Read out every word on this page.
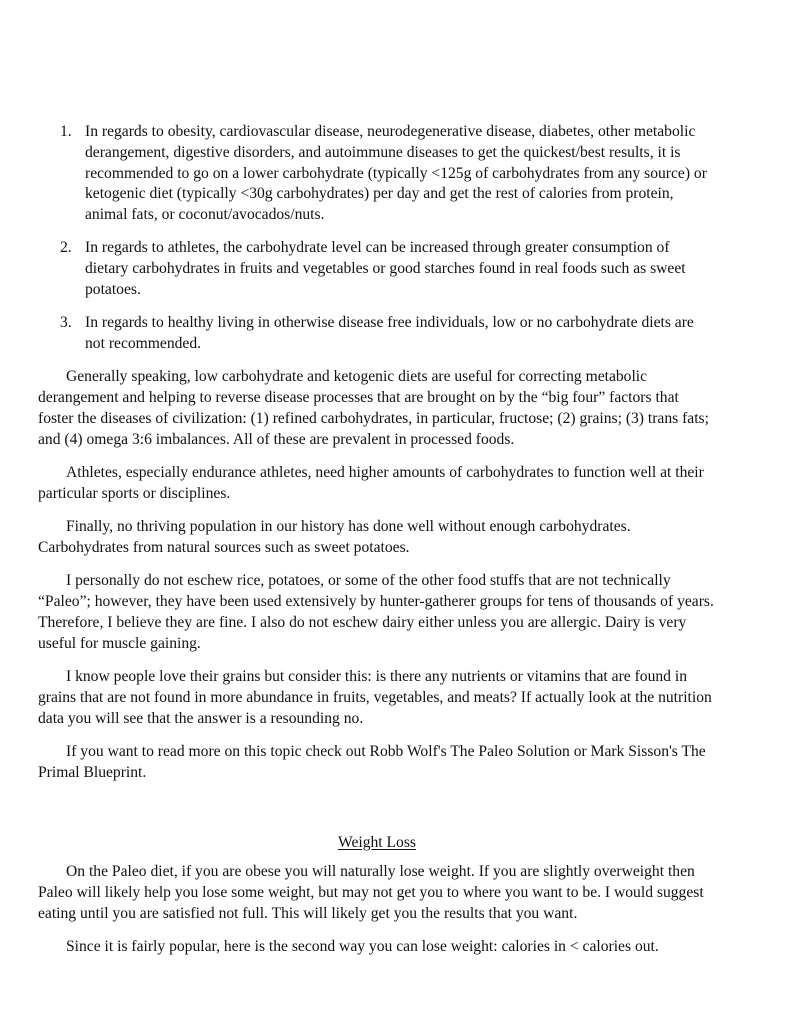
1. In regards to obesity, cardiovascular disease, neurodegenerative disease, diabetes, other metabolic derangement, digestive disorders, and autoimmune diseases to get the quickest/best results, it is recommended to go on a lower carbohydrate (typically <125g of carbohydrates from any source) or ketogenic diet (typically <30g carbohydrates) per day and get the rest of calories from protein, animal fats, or coconut/avocados/nuts.
2. In regards to athletes, the carbohydrate level can be increased through greater consumption of dietary carbohydrates in fruits and vegetables or good starches found in real foods such as sweet potatoes.
3. In regards to healthy living in otherwise disease free individuals, low or no carbohydrate diets are not recommended.

Generally speaking, low carbohydrate and ketogenic diets are useful for correcting metabolic derangement and helping to reverse disease processes that are brought on by the “big four” factors that foster the diseases of civilization: (1) refined carbohydrates, in particular, fructose; (2) grains; (3) trans fats; and (4) omega 3:6 imbalances. All of these are prevalent in processed foods.

Athletes, especially endurance athletes, need higher amounts of carbohydrates to function well at their particular sports or disciplines.

Finally, no thriving population in our history has done well without enough carbohydrates. Carbohydrates from natural sources such as sweet potatoes.

I personally do not eschew rice, potatoes, or some of the other food stuffs that are not technically “Paleo”; however, they have been used extensively by hunter-gatherer groups for tens of thousands of years. Therefore, I believe they are fine. I also do not eschew dairy either unless you are allergic. Dairy is very useful for muscle gaining.

I know people love their grains but consider this: is there any nutrients or vitamins that are found in grains that are not found in more abundance in fruits, vegetables, and meats? If actually look at the nutrition data you will see that the answer is a resounding no.

If you want to read more on this topic check out Robb Wolf's The Paleo Solution or Mark Sisson's The Primal Blueprint.

Weight Loss

On the Paleo diet, if you are obese you will naturally lose weight. If you are slightly overweight then Paleo will likely help you lose some weight, but may not get you to where you want to be. I would suggest eating until you are satisfied not full. This will likely get you the results that you want.

Since it is fairly popular, here is the second way you can lose weight: calories in < calories out.
